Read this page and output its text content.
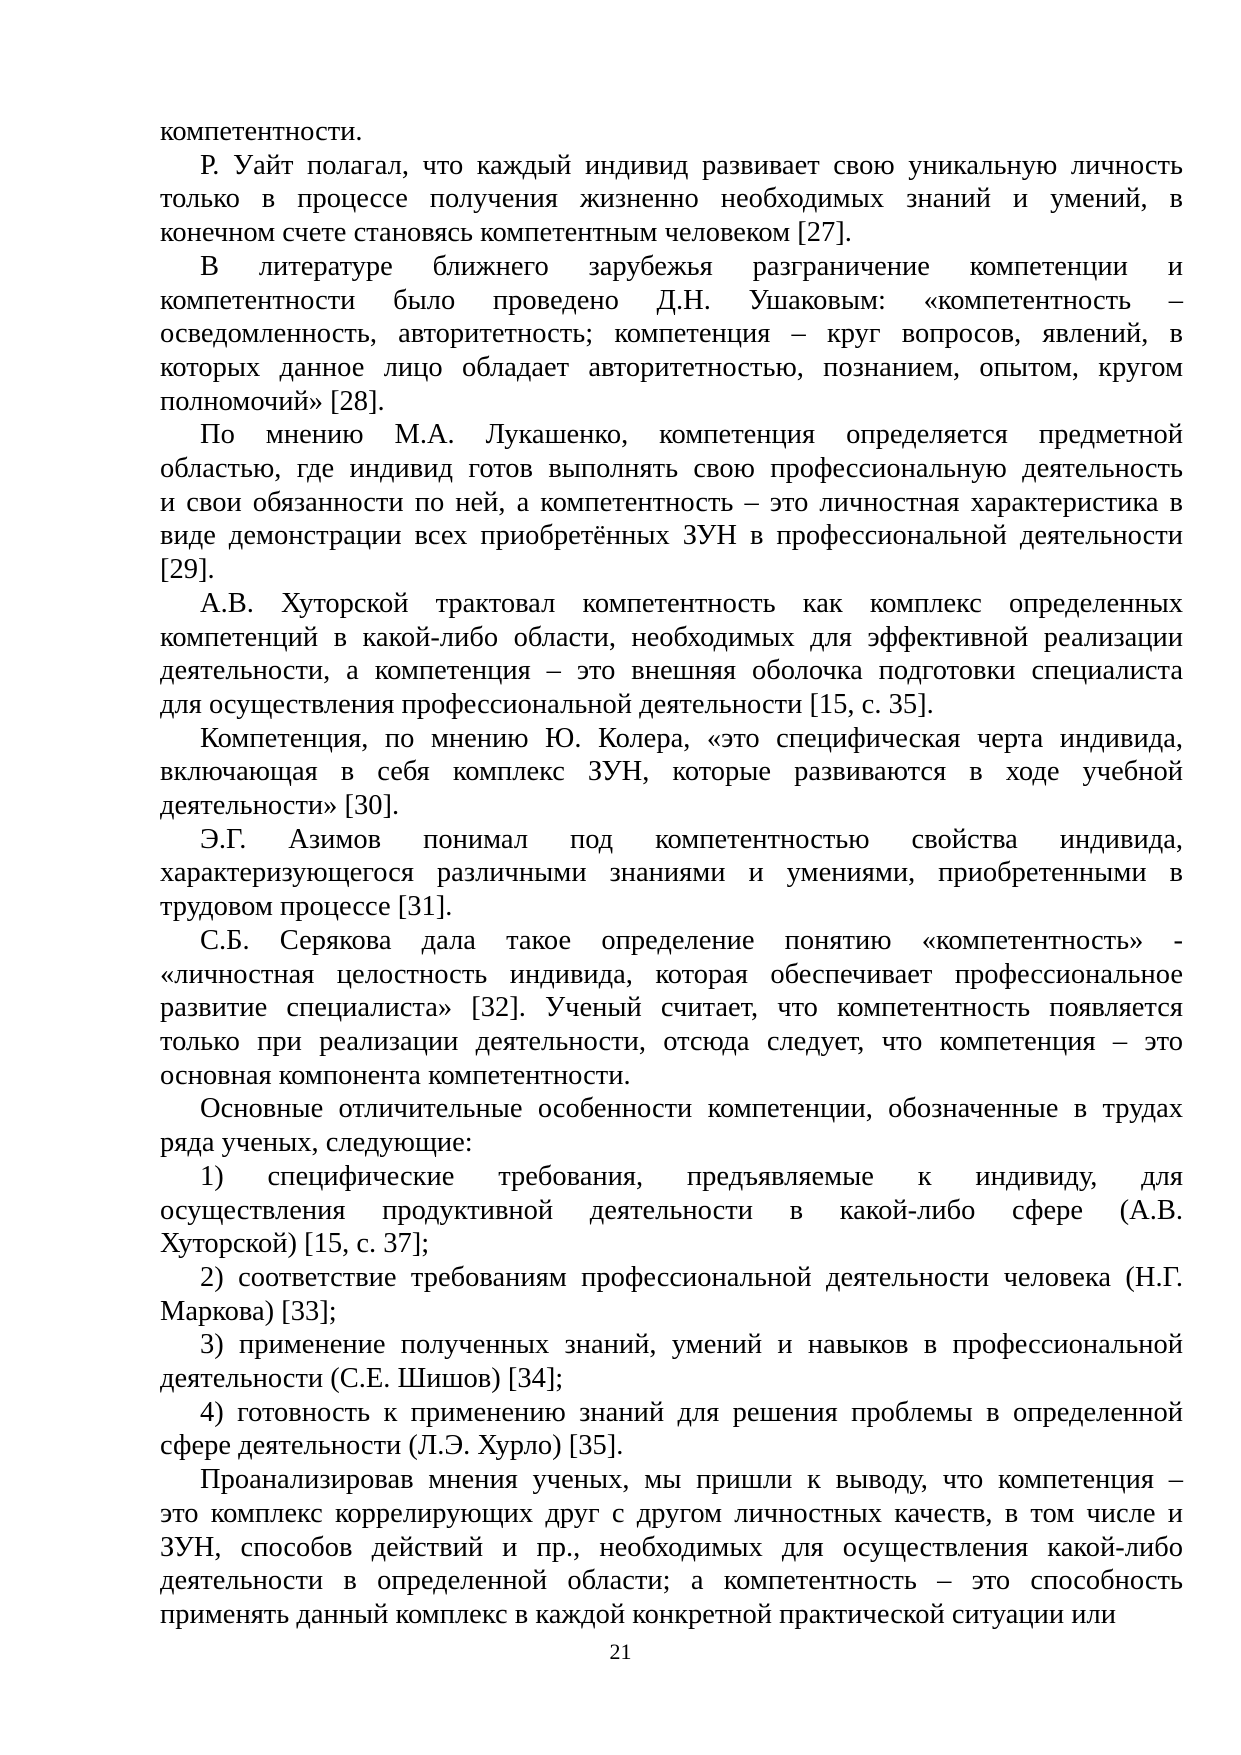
компетентности.
Р. Уайт полагал, что каждый индивид развивает свою уникальную личность
только в процессе получения жизненно необходимых знаний и умений, в
конечном счете становясь компетентным человеком [27].
В литературе ближнего зарубежья разграничение компетенции и
компетентности было проведено Д.Н. Ушаковым: «компетентность –
осведомленность, авторитетность; компетенция – круг вопросов, явлений, в
которых данное лицо обладает авторитетностью, познанием, опытом, кругом
полномочий» [28].
По мнению М.А. Лукашенко, компетенция определяется предметной
областью, где индивид готов выполнять свою профессиональную деятельность
и свои обязанности по ней, а компетентность – это личностная характеристика в
виде демонстрации всех приобретённых ЗУН в профессиональной деятельности
[29].
А.В. Хуторской трактовал компетентность как комплекс определенных
компетенций в какой-либо области, необходимых для эффективной реализации
деятельности, а компетенция – это внешняя оболочка подготовки специалиста
для осуществления профессиональной деятельности [15, с. 35].
Компетенция, по мнению Ю. Колера, «это специфическая черта индивида,
включающая в себя комплекс ЗУН, которые развиваются в ходе учебной
деятельности» [30].
Э.Г. Азимов понимал под компетентностью свойства индивида,
характеризующегося различными знаниями и умениями, приобретенными в
трудовом процессе [31].
С.Б. Серякова дала такое определение понятию «компетентность» -
«личностная целостность индивида, которая обеспечивает профессиональное
развитие специалиста» [32]. Ученый считает, что компетентность появляется
только при реализации деятельности, отсюда следует, что компетенция – это
основная компонента компетентности.
Основные отличительные особенности компетенции, обозначенные в трудах
ряда ученых, следующие:
1) специфические требования, предъявляемые к индивиду, для
осуществления продуктивной деятельности в какой-либо сфере (А.В.
Хуторской) [15, с. 37];
2) соответствие требованиям профессиональной деятельности человека (Н.Г.
Маркова) [33];
3) применение полученных знаний, умений и навыков в профессиональной
деятельности (С.Е. Шишов) [34];
4) готовность к применению знаний для решения проблемы в определенной
сфере деятельности (Л.Э. Хурло) [35].
Проанализировав мнения ученых, мы пришли к выводу, что компетенция –
это комплекс коррелирующих друг с другом личностных качеств, в том числе и
ЗУН, способов действий и пр., необходимых для осуществления какой-либо
деятельности в определенной области; а компетентность – это способность
применять данный комплекс в каждой конкретной практической ситуации или
21
